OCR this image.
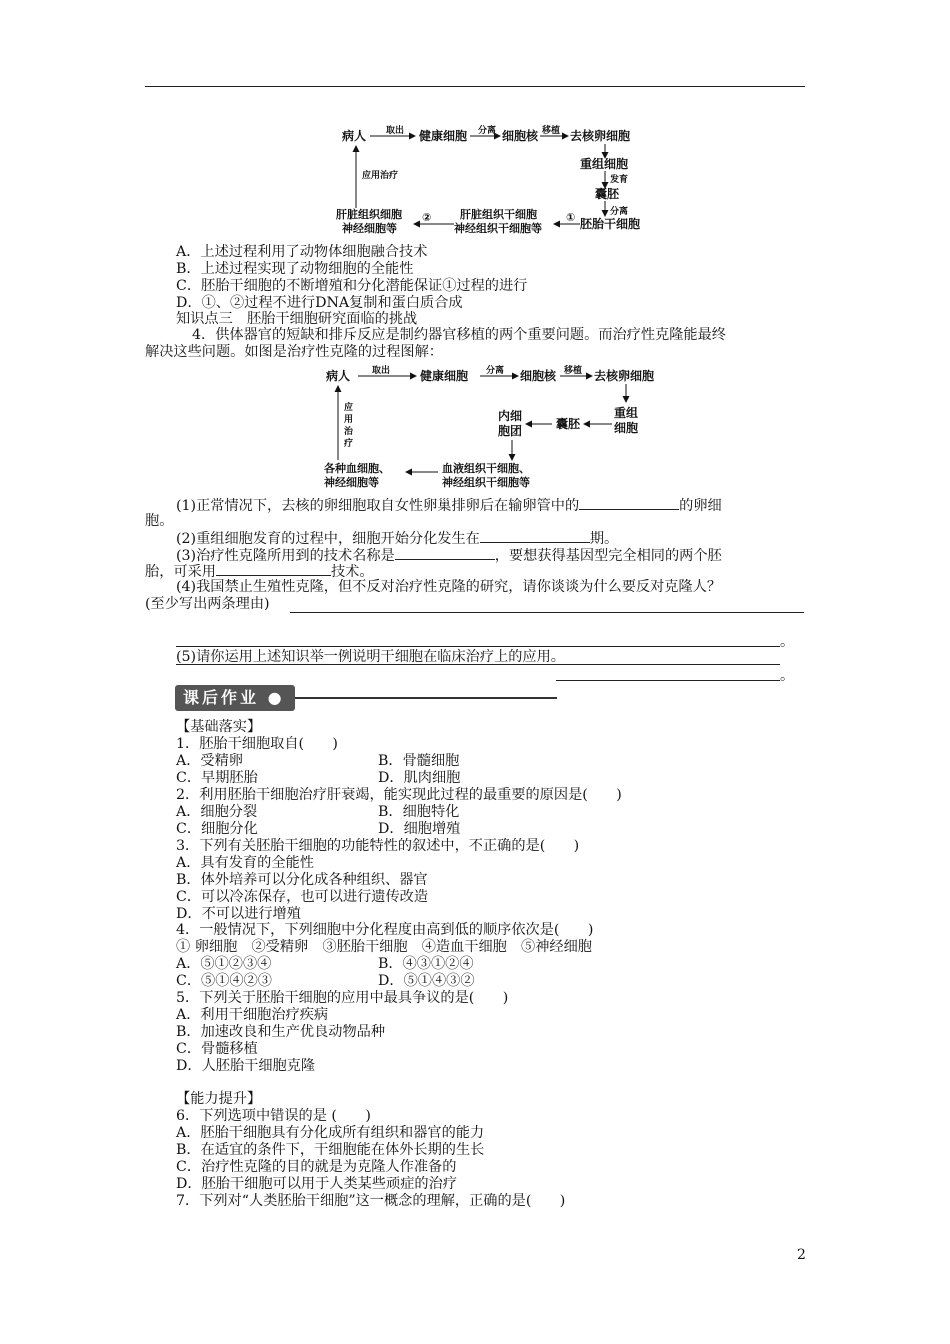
病人 取出 健康细胞 分离 细胞核 移植 去核卵细胞
重组细胞
发育
囊胚
分离
胚胎干细胞
①
肝脏组织干细胞
神经组织干细胞等
②
肝脏组织细胞
神经细胞等
应用治疗
A．上述过程利用了动物体细胞融合技术
B．上述过程实现了动物细胞的全能性
C．胚胎干细胞的不断增殖和分化潜能保证①过程的进行
D．①、②过程不进行DNA复制和蛋白质合成
知识点三　胚胎干细胞研究面临的挑战
4．供体器官的短缺和排斥反应是制约器官移植的两个重要问题。而治疗性克隆能最终
解决这些问题。如图是治疗性克隆的过程图解：
病人 取出 健康细胞 分离 细胞核 移植 去核卵细胞
重组
细胞
囊胚
内细
胞团
血液组织干细胞、
神经组织干细胞等
各种血细胞、
神经细胞等
应
用
治
疗
(1)正常情况下，去核的卵细胞取自女性卵巢排卵后在输卵管中的	的卵细
胞。
(2)重组细胞发育的过程中，细胞开始分化发生在	期。
(3)治疗性克隆所用到的技术名称是	，要想获得基因型完全相同的两个胚
胎，可采用	技术。
(4)我国禁止生殖性克隆，但不反对治疗性克隆的研究，请你谈谈为什么要反对克隆人？
(至少写出两条理由)
。
(5)请你运用上述知识举一例说明干细胞在临床治疗上的应用。
。
课后作业 ●
【基础落实】
1．胚胎干细胞取自(　　)
A．受精卵	B．骨髓细胞
C．早期胚胎	D．肌肉细胞
2．利用胚胎干细胞治疗肝衰竭，能实现此过程的最重要的原因是(　　)
A．细胞分裂	B．细胞特化
C．细胞分化	D．细胞增殖
3．下列有关胚胎干细胞的功能特性的叙述中，不正确的是(　　)
A．具有发育的全能性
B．体外培养可以分化成各种组织、器官
C．可以冷冻保存，也可以进行遗传改造
D．不可以进行增殖
4．一般情况下，下列细胞中分化程度由高到低的顺序依次是(　　)
① 卵细胞　②受精卵　③胚胎干细胞　④造血干细胞　⑤神经细胞
A．⑤①②③④	B．④③①②④
C．⑤①④②③	D．⑤①④③②
5．下列关于胚胎干细胞的应用中最具争议的是(　　)
A．利用干细胞治疗疾病
B．加速改良和生产优良动物品种
C．骨髓移植
D．人胚胎干细胞克隆
【能力提升】
6．下列选项中错误的是 (　　)
A．胚胎干细胞具有分化成所有组织和器官的能力
B．在适宜的条件下，干细胞能在体外长期的生长
C．治疗性克隆的目的就是为克隆人作准备的
D．胚胎干细胞可以用于人类某些顽症的治疗
7．下列对“人类胚胎干细胞”这一概念的理解，正确的是(　　)
2
